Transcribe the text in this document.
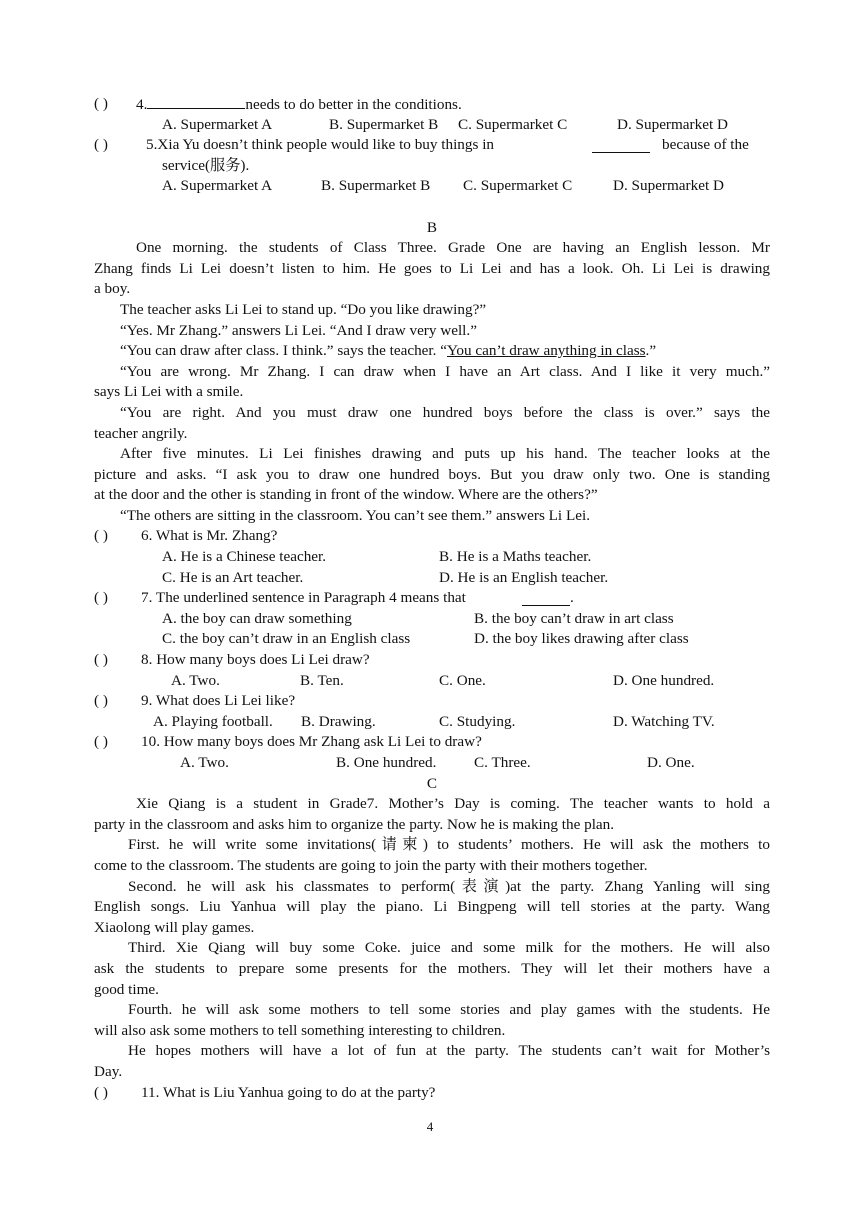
( ) 4.	needs to do better in the conditions.
A. Supermarket A	B. Supermarket B C. Supermarket C	D. Supermarket D
( )	5.Xia Yu doesn’t think people would like to buy things in	because of the
service(服务).
A. Supermarket A	B. Supermarket B C. Supermarket C	D. Supermarket D
B
One morning. the students of Class Three. Grade One are having an English lesson. Mr
Zhang finds Li Lei doesn’t listen to him. He goes to Li Lei and has a look. Oh. Li Lei is drawing
a boy.
The teacher asks Li Lei to stand up. “Do you like drawing?”
“Yes. Mr Zhang.” answers Li Lei. “And I draw very well.”
“You can draw after class. I think.” says the teacher. “You can’t draw anything in class.”
“You are wrong. Mr Zhang. I can draw when I have an Art class. And I like it very much.”
says Li Lei with a smile.
“You are right. And you must draw one hundred boys before the class is over.” says the
teacher angrily.
After five minutes. Li Lei finishes drawing and puts up his hand. The teacher looks at the
picture and asks. “I ask you to draw one hundred boys. But you draw only two. One is standing
at the door and the other is standing in front of the window. Where are the others?”
“The others are sitting in the classroom. You can’t see them.” answers Li Lei.
( ) 6. What is Mr. Zhang?
A. He is a Chinese teacher.	B. He is a Maths teacher.
C. He is an Art teacher.	D. He is an English teacher.
( ) 7. The underlined sentence in Paragraph 4 means that	.
A. the boy can draw something	B. the boy can’t draw in art class
C. the boy can’t draw in an English class	D. the boy likes drawing after class
( ) 8. How many boys does Li Lei draw?
A. Two.	B. Ten.	C. One.	D. One hundred.
( ) 9. What does Li Lei like?
A. Playing football. B. Drawing.	C. Studying.	D. Watching TV.
( ) 10. How many boys does Mr Zhang ask Li Lei to draw?
A. Two.	B. One hundred. C. Three.	D. One.
C
Xie Qiang is a student in Grade7. Mother’s Day is coming. The teacher wants to hold a
party in the classroom and asks him to organize the party. Now he is making the plan.
First. he will write some invitations(请柬) to students’ mothers. He will ask the mothers to
come to the classroom. The students are going to join the party with their mothers together.
Second. he will ask his classmates to perform(表演)at the party. Zhang Yanling will sing
English songs. Liu Yanhua will play the piano. Li Bingpeng will tell stories at the party. Wang
Xiaolong will play games.
Third. Xie Qiang will buy some Coke. juice and some milk for the mothers. He will also
ask the students to prepare some presents for the mothers. They will let their mothers have a
good time.
Fourth. he will ask some mothers to tell some stories and play games with the students. He
will also ask some mothers to tell something interesting to children.
He hopes mothers will have a lot of fun at the party. The students can’t wait for Mother’s
Day.
( ) 11. What is Liu Yanhua going to do at the party?
4
